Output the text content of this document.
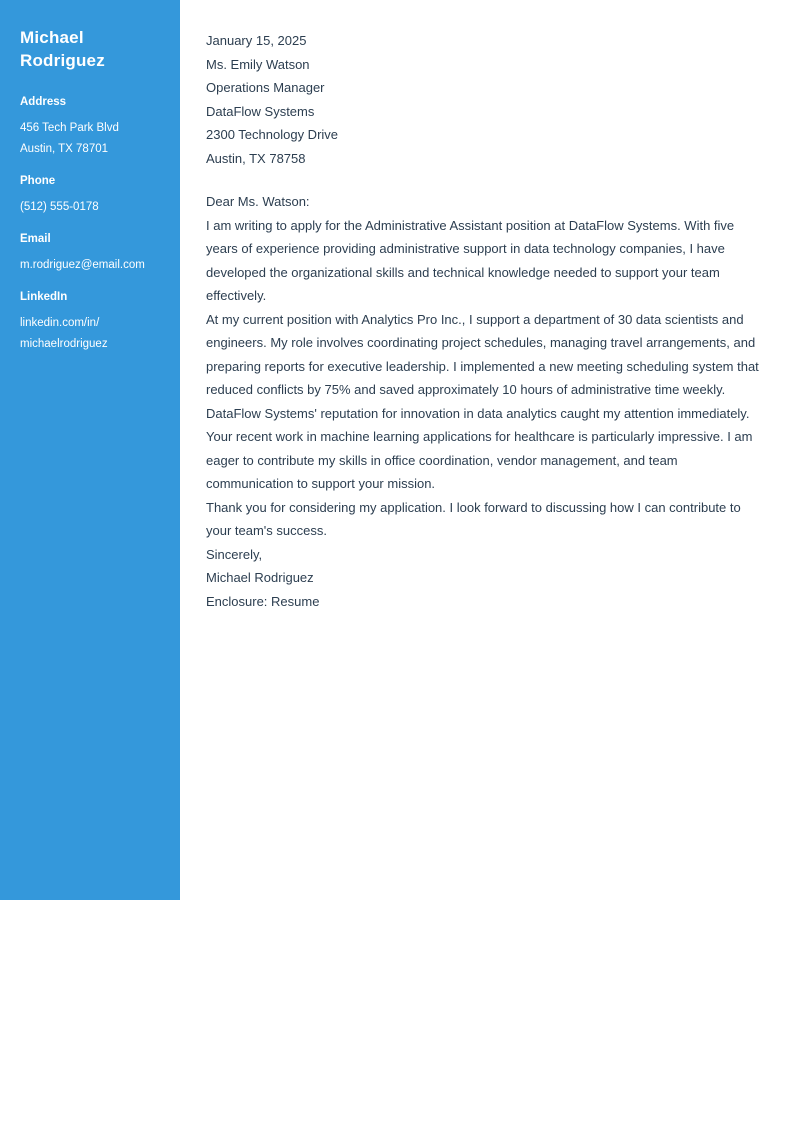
Michael Rodriguez
Address

456 Tech Park Blvd

Austin, TX 78701

Phone

(512) 555-0178

Email

m.rodriguez@email.com

LinkedIn

linkedin.com/in/

michaelrodriguez

January 15, 2025

Ms. Emily Watson

Operations Manager

DataFlow Systems

2300 Technology Drive

Austin, TX 78758

Dear Ms. Watson:

I am writing to apply for the Administrative Assistant position at DataFlow Systems. With five years of experience providing administrative support in data technology companies, I have developed the organizational skills and technical knowledge needed to support your team effectively.

At my current position with Analytics Pro Inc., I support a department of 30 data scientists and engineers. My role involves coordinating project schedules, managing travel arrangements, and preparing reports for executive leadership. I implemented a new meeting scheduling system that reduced conflicts by 75% and saved approximately 10 hours of administrative time weekly.

DataFlow Systems' reputation for innovation in data analytics caught my attention immediately. Your recent work in machine learning applications for healthcare is particularly impressive. I am eager to contribute my skills in office coordination, vendor management, and team communication to support your mission.

Thank you for considering my application. I look forward to discussing how I can contribute to your team's success.

Sincerely,

Michael Rodriguez

Enclosure: Resume
